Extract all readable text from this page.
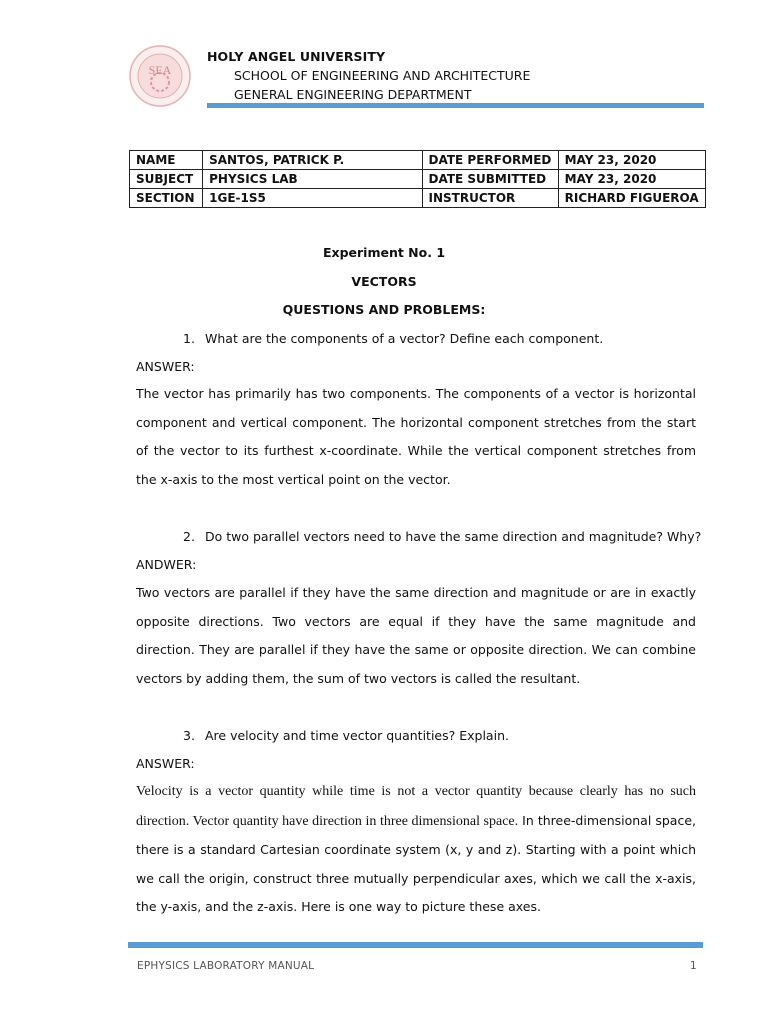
SEA
HOLY ANGEL UNIVERSITY
SCHOOL OF ENGINEERING AND ARCHITECTURE
GENERAL ENGINEERING DEPARTMENT
NAME	SANTOS, PATRICK P.	DATE PERFORMED	MAY 23, 2020
SUBJECT	PHYSICS LAB	DATE SUBMITTED	MAY 23, 2020
SECTION	1GE-1S5	INSTRUCTOR	RICHARD FIGUEROA
Experiment No. 1
VECTORS
QUESTIONS AND PROBLEMS:
1. What are the components of a vector? Define each component.
ANSWER:

The vector has primarily has two components. The components of a vector is horizontal component and vertical component. The horizontal component stretches from the start of the vector to its furthest x-coordinate. While the vertical component stretches from the x-axis to the most vertical point on the vector.

2. Do two parallel vectors need to have the same direction and magnitude? Why?
ANDWER:

Two vectors are parallel if they have the same direction and magnitude or are in exactly opposite directions. Two vectors are equal if they have the same magnitude and direction. They are parallel if they have the same or opposite direction. We can combine vectors by adding them, the sum of two vectors is called the resultant.

3. Are velocity and time vector quantities? Explain.
ANSWER:

Velocity is a vector quantity while time is not a vector quantity because clearly has no such direction. Vector quantity have direction in three dimensional space. In three-dimensional space, there is a standard Cartesian coordinate system (x, y and z). Starting with a point which we call the origin, construct three mutually perpendicular axes, which we call the x-axis, the y-axis, and the z-axis. Here is one way to picture these axes.

EPHYSICS LABORATORY MANUAL	1
